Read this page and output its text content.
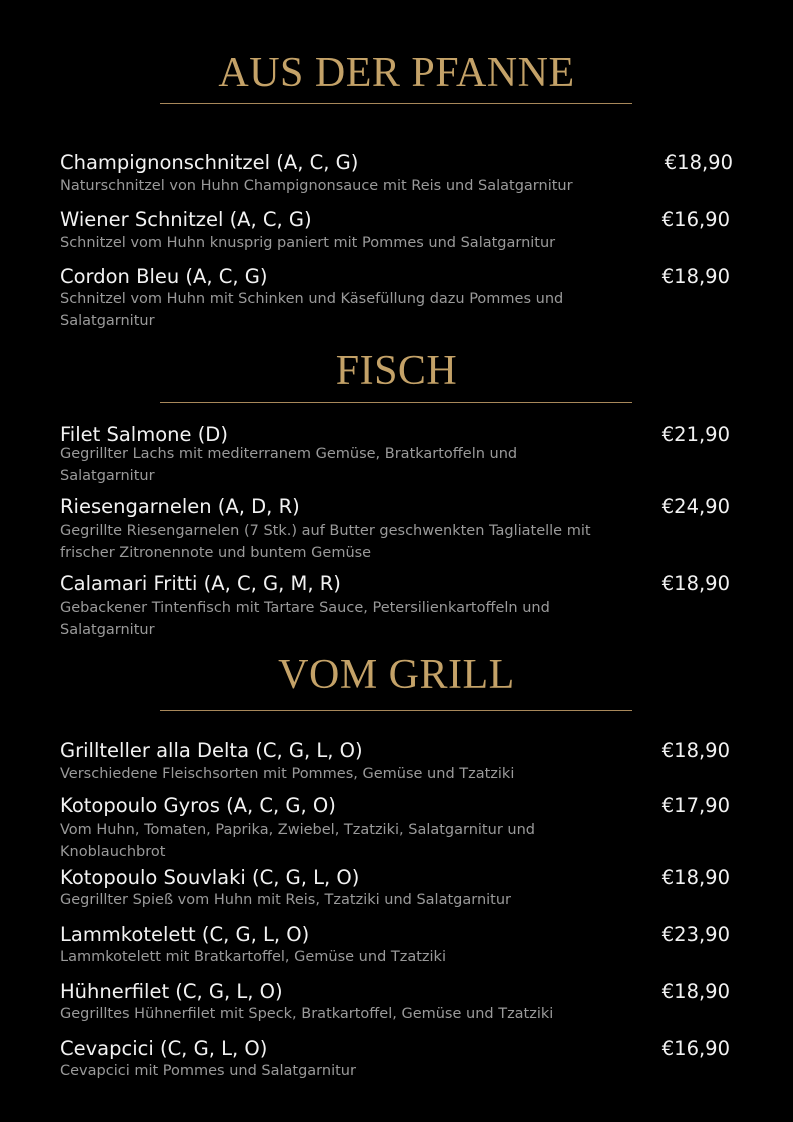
AUS DER PFANNE
Champignonschnitzel (A, C, G)	€18,90
Naturschnitzel von Huhn Champignonsauce mit Reis und Salatgarnitur
Wiener Schnitzel (A, C, G)	€16,90
Schnitzel vom Huhn knusprig paniert mit Pommes und Salatgarnitur
Cordon Bleu (A, C, G)	€18,90
Schnitzel vom Huhn mit Schinken und Käsefüllung dazu Pommes und Salatgarnitur
FISCH
Filet Salmone (D)	€21,90
Gegrillter Lachs mit mediterranem Gemüse, Bratkartoffeln und Salatgarnitur
Riesengarnelen (A, D, R)	€24,90
Gegrillte Riesengarnelen (7 Stk.) auf Butter geschwenkten Tagliatelle mit frischer Zitronennote und buntem Gemüse
Calamari Fritti (A, C, G, M, R)	€18,90
Gebackener Tintenfisch mit Tartare Sauce, Petersilienkartoffeln und Salatgarnitur
VOM GRILL
Grillteller alla Delta (C, G, L, O)	€18,90
Verschiedene Fleischsorten mit Pommes, Gemüse und Tzatziki
Kotopoulo Gyros (A, C, G, O)	€17,90
Vom Huhn, Tomaten, Paprika, Zwiebel, Tzatziki, Salatgarnitur und Knoblauchbrot
Kotopoulo Souvlaki (C, G, L, O)	€18,90
Gegrillter Spieß vom Huhn mit Reis, Tzatziki und Salatgarnitur
Lammkotelett (C, G, L, O)	€23,90
Lammkotelett mit Bratkartoffel, Gemüse und Tzatziki
Hühnerfilet (C, G, L, O)	€18,90
Gegrilltes Hühnerfilet mit Speck, Bratkartoffel, Gemüse und Tzatziki
Cevapcici (C, G, L, O)	€16,90
Cevapcici mit Pommes und Salatgarnitur
